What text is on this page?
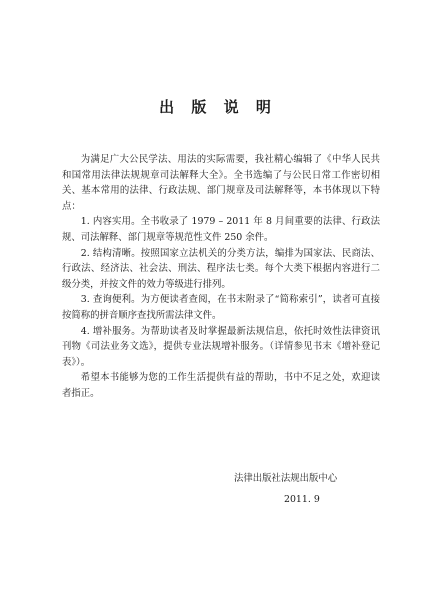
出 版 说 明

为满足广大公民学法、用法的实际需要，我社精心编辑了《中华人民共和国常用法律法规规章司法解释大全》。全书选编了与公民日常工作密切相关、基本常用的法律、行政法规、部门规章及司法解释等，本书体现以下特点：

1. 内容实用。全书收录了 1979 – 2011 年 8 月间重要的法律、行政法规、司法解释、部门规章等规范性文件 250 余件。

2. 结构清晰。按照国家立法机关的分类方法，编排为国家法、民商法、行政法、经济法、社会法、刑法、程序法七类。每个大类下根据内容进行二级分类，并按文件的效力等级进行排列。

3. 查询便利。为方便读者查阅，在书末附录了“简称索引”，读者可直接按简称的拼音顺序查找所需法律文件。

4. 增补服务。为帮助读者及时掌握最新法规信息，依托时效性法律资讯刊物《司法业务文选》，提供专业法规增补服务。（详情参见书末《增补登记表》）。

希望本书能够为您的工作生活提供有益的帮助，书中不足之处，欢迎读者指正。

法律出版社法规出版中心
2011. 9
